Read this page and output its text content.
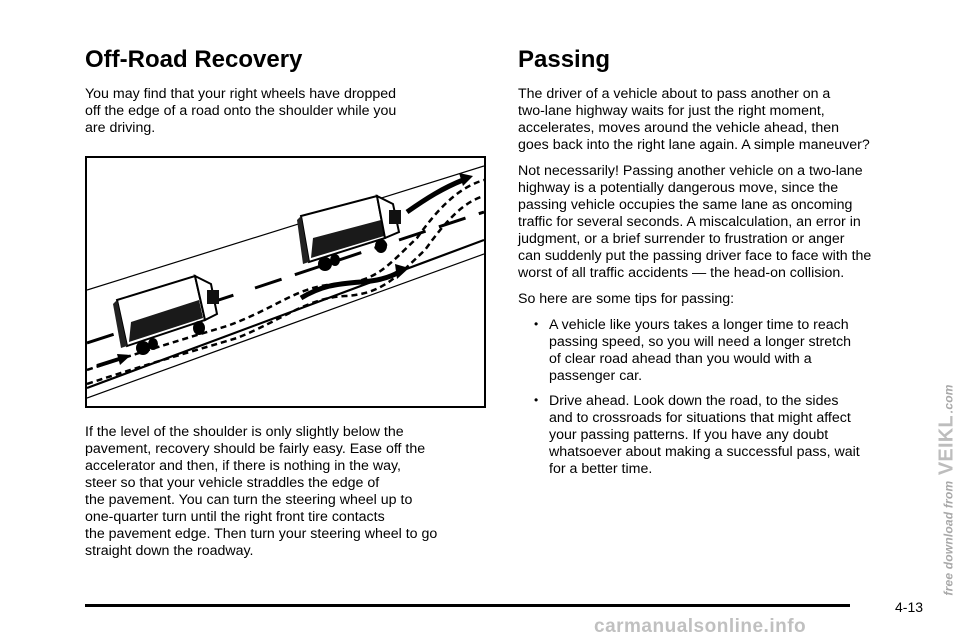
Off-Road Recovery

You may find that your right wheels have dropped
off the edge of a road onto the shoulder while you
are driving.

If the level of the shoulder is only slightly below the
pavement, recovery should be fairly easy. Ease off the
accelerator and then, if there is nothing in the way,
steer so that your vehicle straddles the edge of
the pavement. You can turn the steering wheel up to
one-quarter turn until the right front tire contacts
the pavement edge. Then turn your steering wheel to go
straight down the roadway.

Passing

The driver of a vehicle about to pass another on a
two-lane highway waits for just the right moment,
accelerates, moves around the vehicle ahead, then
goes back into the right lane again. A simple maneuver?

Not necessarily! Passing another vehicle on a two-lane
highway is a potentially dangerous move, since the
passing vehicle occupies the same lane as oncoming
traffic for several seconds. A miscalculation, an error in
judgment, or a brief surrender to frustration or anger
can suddenly put the passing driver face to face with the
worst of all traffic accidents — the head-on collision.

So here are some tips for passing:

• A vehicle like yours takes a longer time to reach
passing speed, so you will need a longer stretch
of clear road ahead than you would with a
passenger car.

• Drive ahead. Look down the road, to the sides
and to crossroads for situations that might affect
your passing patterns. If you have any doubt
whatsoever about making a successful pass, wait
for a better time.

4-13
free download from VEIKL.com
carmanualsonline.info
